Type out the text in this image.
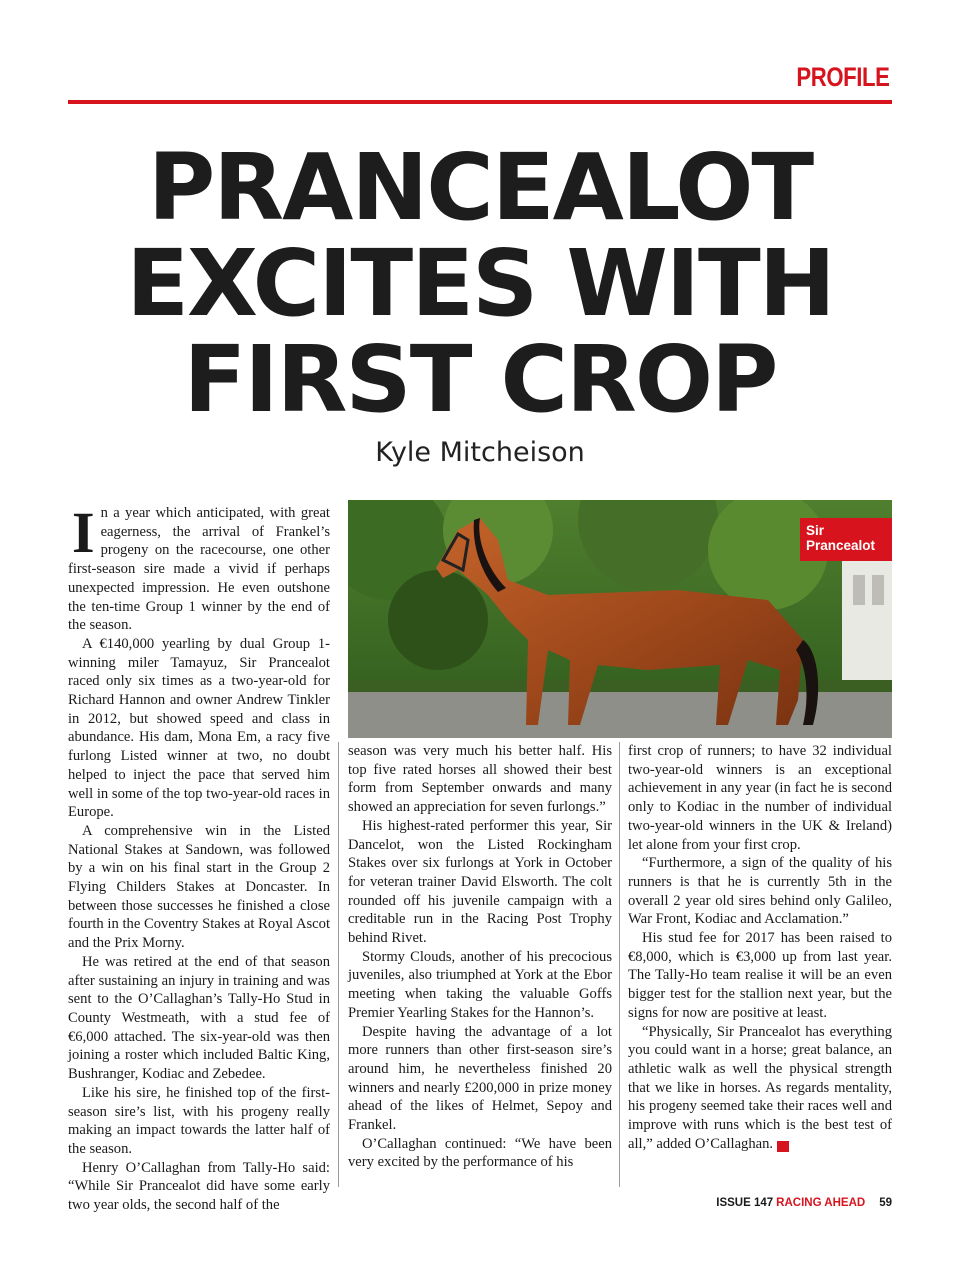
PROFILE
PRANCEALOT
EXCITES WITH
FIRST CROP
Kyle Mitcheison

In a year which anticipated, with great eagerness, the arrival of Frankel’s progeny on the racecourse, one other first-season sire made a vivid if perhaps unexpected impression. He even outshone the ten-time Group 1 winner by the end of the season.

A €140,000 yearling by dual Group 1-winning miler Tamayuz, Sir Prancealot raced only six times as a two-year-old for Richard Hannon and owner Andrew Tinkler in 2012, but showed speed and class in abundance. His dam, Mona Em, a racy five furlong Listed winner at two, no doubt helped to inject the pace that served him well in some of the top two-year-old races in Europe.

A comprehensive win in the Listed National Stakes at Sandown, was followed by a win on his final start in the Group 2 Flying Childers Stakes at Doncaster. In between those successes he finished a close fourth in the Coventry Stakes at Royal Ascot and the Prix Morny.

He was retired at the end of that season after sustaining an injury in training and was sent to the O’Callaghan’s Tally-Ho Stud in County Westmeath, with a stud fee of €6,000 attached. The six-year-old was then joining a roster which included Baltic King, Bushranger, Kodiac and Zebedee.

Like his sire, he finished top of the first-season sire’s list, with his progeny really making an impact towards the latter half of the season.

Henry O’Callaghan from Tally-Ho said: “While Sir Prancealot did have some early two year olds, the second half of the

Sir
Prancealot

season was very much his better half. His top five rated horses all showed their best form from September onwards and many showed an appreciation for seven furlongs.”

His highest-rated performer this year, Sir Dancelot, won the Listed Rockingham Stakes over six furlongs at York in October for veteran trainer David Elsworth. The colt rounded off his juvenile campaign with a creditable run in the Racing Post Trophy behind Rivet.

Stormy Clouds, another of his precocious juveniles, also triumphed at York at the Ebor meeting when taking the valuable Goffs Premier Yearling Stakes for the Hannon’s.

Despite having the advantage of a lot more runners than other first-season sire’s around him, he nevertheless finished 20 winners and nearly £200,000 in prize money ahead of the likes of Helmet, Sepoy and Frankel.

O’Callaghan continued: “We have been very excited by the performance of his

first crop of runners; to have 32 individual two-year-old winners is an exceptional achievement in any year (in fact he is second only to Kodiac in the number of individual two-year-old winners in the UK & Ireland) let alone from your first crop.

“Furthermore, a sign of the quality of his runners is that he is currently 5th in the overall 2 year old sires behind only Galileo, War Front, Kodiac and Acclamation.”

His stud fee for 2017 has been raised to €8,000, which is €3,000 up from last year. The Tally-Ho team realise it will be an even bigger test for the stallion next year, but the signs for now are positive at least.

“Physically, Sir Prancealot has everything you could want in a horse; great balance, an athletic walk as well the physical strength that we like in horses. As regards mentality, his progeny seemed take their races well and improve with runs which is the best test of all,” added O’Callaghan.	RA

ISSUE 147 RACING AHEAD 59
